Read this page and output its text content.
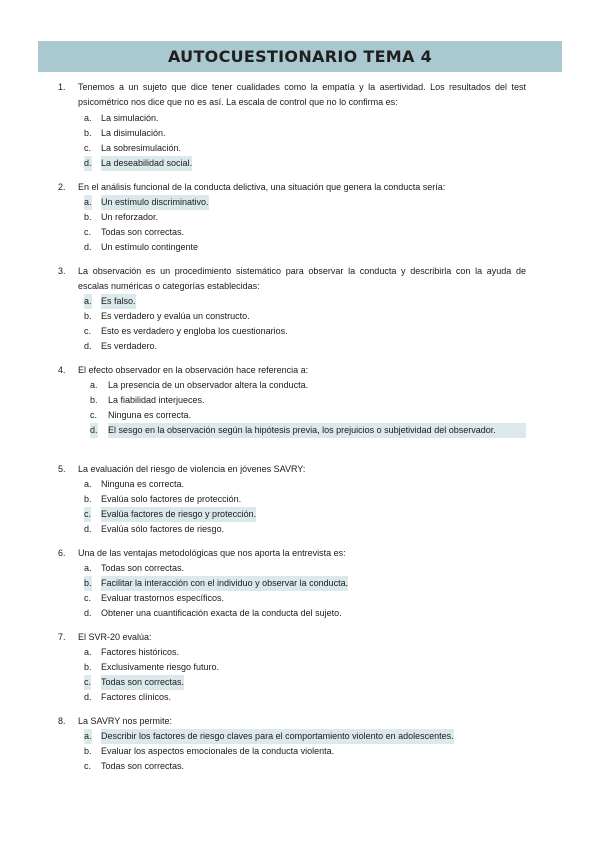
AUTOCUESTIONARIO TEMA 4
1. Tenemos a un sujeto que dice tener cualidades como la empatía y la asertividad. Los resultados del test psicométrico nos dice que no es así. La escala de control que no lo confirma es:
a. La simulación.
b. La disimulación.
c. La sobresimulación.
d. La deseabilidad social.
2. En el análisis funcional de la conducta delictiva, una situación que genera la conducta sería:
a. Un estímulo discriminativo.
b. Un reforzador.
c. Todas son correctas.
d. Un estímulo contingente
3. La observación es un procedimiento sistemático para observar la conducta y describirla con la ayuda de escalas numéricas o categorías establecidas:
a. Es falso.
b. Es verdadero y evalúa un constructo.
c. Esto es verdadero y engloba los cuestionarios.
d. Es verdadero.
4. El efecto observador en la observación hace referencia a:
a. La presencia de un observador altera la conducta.
b. La fiabilidad interjueces.
c. Ninguna es correcta.
d. El sesgo en la observación según la hipótesis previa, los prejuicios o subjetividad del observador.
5. La evaluación del riesgo de violencia en jóvenes SAVRY:
a. Ninguna es correcta.
b. Evalúa solo factores de protección.
c. Evalúa factores de riesgo y protección.
d. Evalúa sólo factores de riesgo.
6. Una de las ventajas metodológicas que nos aporta la entrevista es:
a. Todas son correctas.
b. Facilitar la interacción con el individuo y observar la conducta.
c. Evaluar trastornos específicos.
d. Obtener una cuantificación exacta de la conducta del sujeto.
7. El SVR-20 evalúa:
a. Factores históricos.
b. Exclusivamente riesgo futuro.
c. Todas son correctas.
d. Factores clínicos.
8. La SAVRY nos permite:
a. Describir los factores de riesgo claves para el comportamiento violento en adolescentes.
b. Evaluar los aspectos emocionales de la conducta violenta.
c. Todas son correctas.
